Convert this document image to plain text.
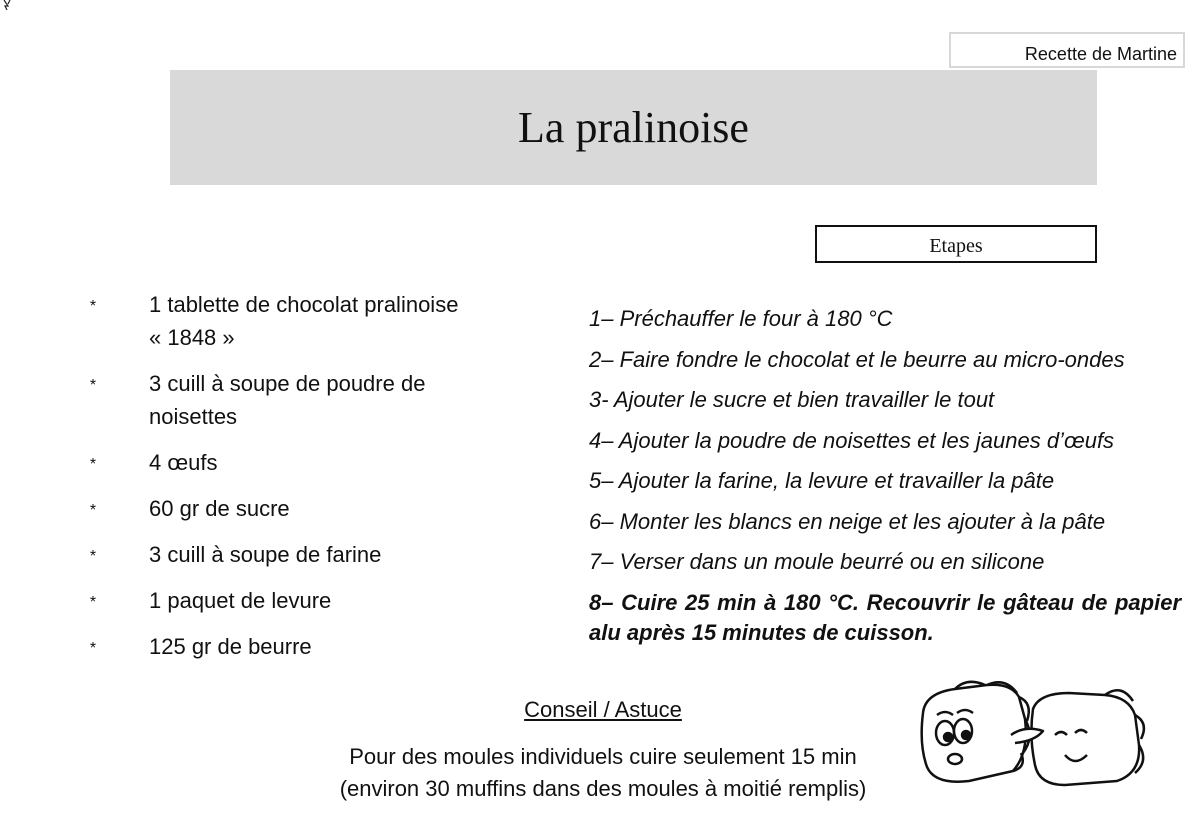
Recette de Martine
La pralinoise
Etapes
* 1 tablette de chocolat pralinoise
« 1848 »
* 3 cuill à soupe de poudre de
noisettes
* 4 œufs
* 60 gr de sucre
* 3 cuill à soupe de farine
* 1 paquet de levure
* 125 gr de beurre
1– Préchauffer le four à 180 °C
2– Faire fondre le chocolat et le beurre au micro-ondes
3- Ajouter le sucre et bien travailler le tout
4– Ajouter la poudre de noisettes et les jaunes d’œufs
5– Ajouter la farine, la levure et travailler la pâte
6– Monter les blancs en neige et les ajouter à la pâte
7– Verser dans un moule beurré ou en silicone
8– Cuire 25 min à 180 °C. Recouvrir le gâteau de papier alu après 15 minutes de cuisson.
Conseil / Astuce
Pour des moules individuels cuire seulement 15 min
(environ 30 muffins dans des moules à moitié remplis)
